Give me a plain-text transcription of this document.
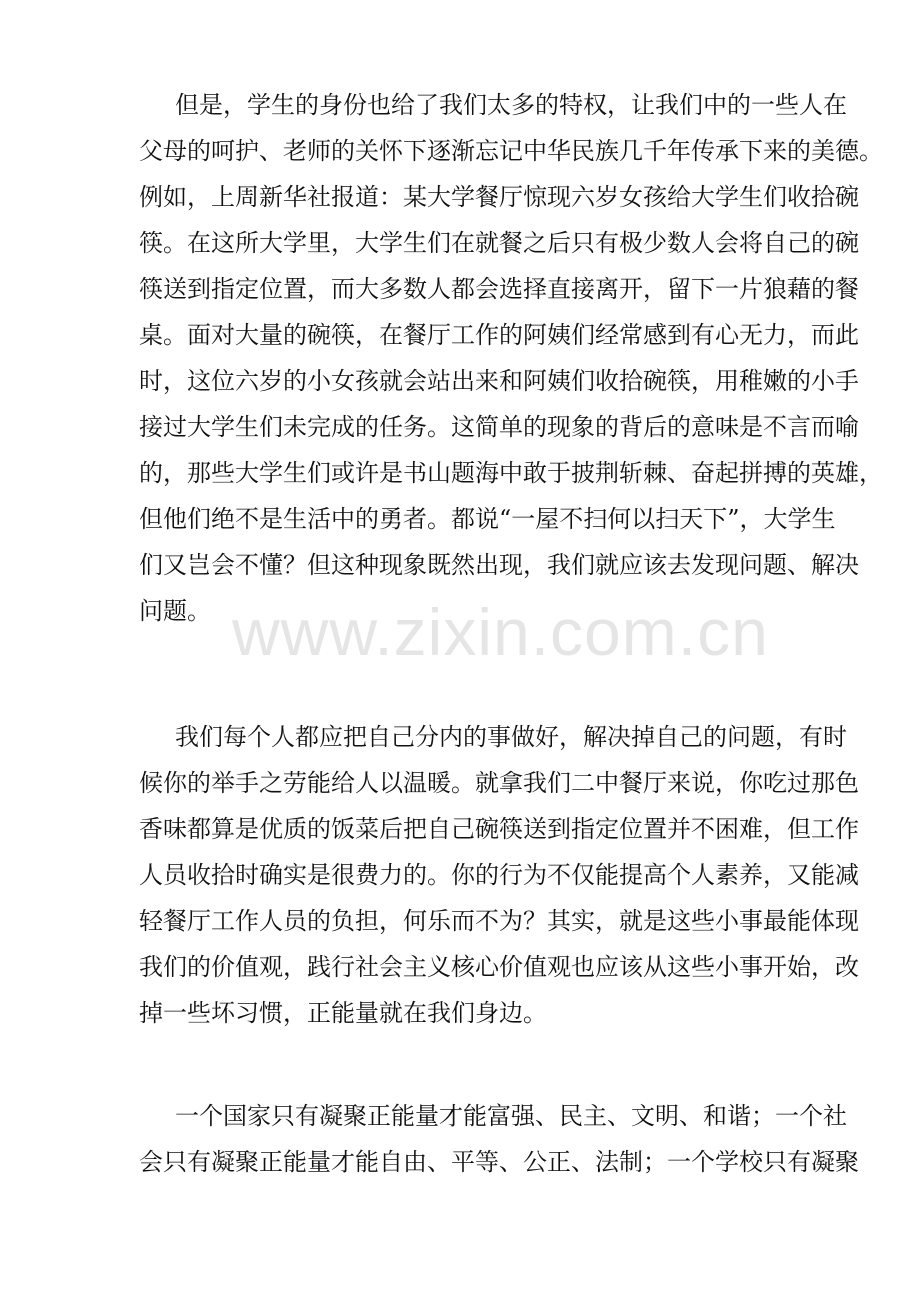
但是，学生的身份也给了我们太多的特权，让我们中的一些人在
父母的呵护、老师的关怀下逐渐忘记中华民族几千年传承下来的美德。
例如，上周新华社报道：某大学餐厅惊现六岁女孩给大学生们收拾碗
筷。在这所大学里，大学生们在就餐之后只有极少数人会将自己的碗
筷送到指定位置，而大多数人都会选择直接离开，留下一片狼藉的餐
桌。面对大量的碗筷，在餐厅工作的阿姨们经常感到有心无力，而此
时，这位六岁的小女孩就会站出来和阿姨们收拾碗筷，用稚嫩的小手
接过大学生们未完成的任务。这简单的现象的背后的意味是不言而喻
的，那些大学生们或许是书山题海中敢于披荆斩棘、奋起拼搏的英雄，
但他们绝不是生活中的勇者。都说“一屋不扫何以扫天下”，大学生
们又岂会不懂？但这种现象既然出现，我们就应该去发现问题、解决
问题。
我们每个人都应把自己分内的事做好，解决掉自己的问题，有时
候你的举手之劳能给人以温暖。就拿我们二中餐厅来说，你吃过那色
香味都算是优质的饭菜后把自己碗筷送到指定位置并不困难，但工作
人员收拾时确实是很费力的。你的行为不仅能提高个人素养，又能减
轻餐厅工作人员的负担，何乐而不为？其实，就是这些小事最能体现
我们的价值观，践行社会主义核心价值观也应该从这些小事开始，改
掉一些坏习惯，正能量就在我们身边。
一个国家只有凝聚正能量才能富强、民主、文明、和谐；一个社
会只有凝聚正能量才能自由、平等、公正、法制；一个学校只有凝聚
www.zixin.com.cn
